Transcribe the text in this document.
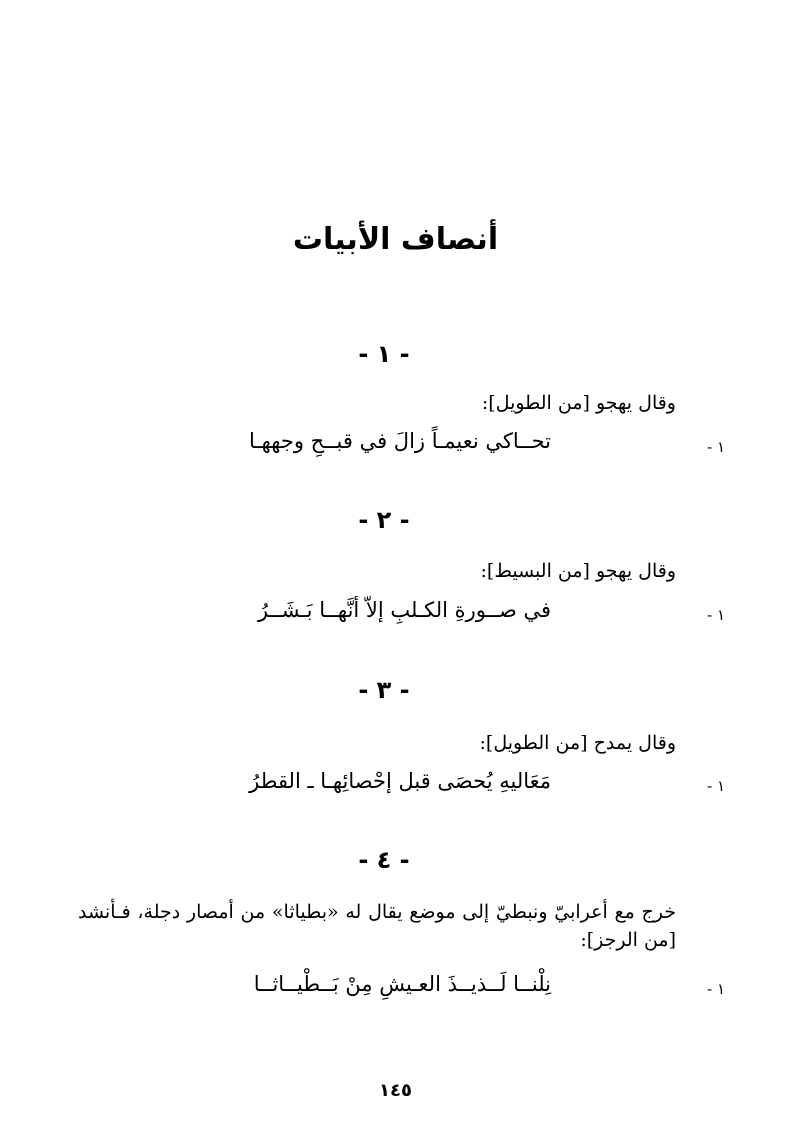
أنصاف الأبيات
- ١ -
وقال يهجو [من الطويل]:
١ -
تحــاكي نعيمـاً زالَ في قبــحِ وجههـا
- ٢ -
وقال يهجو [من البسيط]:
١ -
في صــورةِ الكـلبِ إلاّ أنَّهــا بَـشَــرُ
- ٣ -
وقال يمدح [من الطويل]:
١ -
مَعَاليهِ يُحصَى قبل إحْصائِهـا ـ القطرُ
- ٤ -
خرج مع أعرابيّ ونبطيّ إلى موضع يقال له «بطياثا» من أمصار دجلة، فـأنشد [من الرجز]:
١ -
نِلْنــا لَــذيــذَ العـيشِ مِنْ بَــطْيــاثــا
١٤٥
